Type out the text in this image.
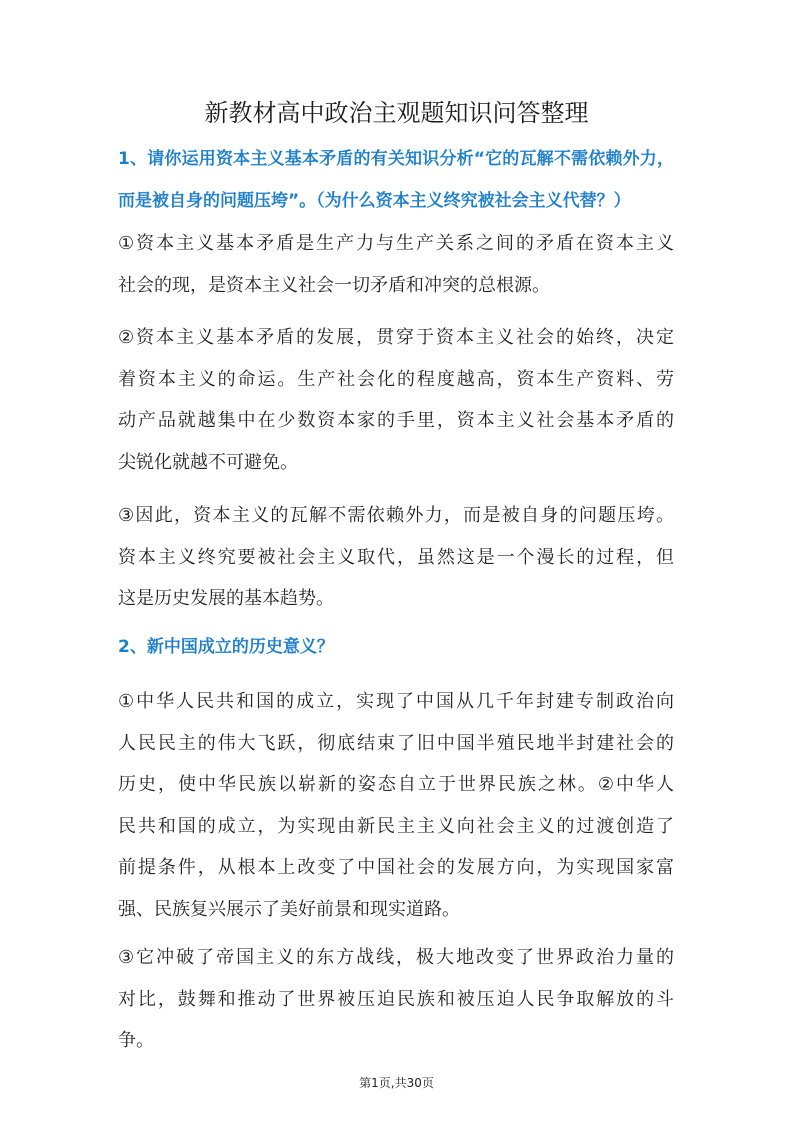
新教材高中政治主观题知识问答整理
1、请你运用资本主义基本矛盾的有关知识分析“它的瓦解不需依赖外力，
而是被自身的问题压垮”。（为什么资本主义终究被社会主义代替？）
①资本主义基本矛盾是生产力与生产关系之间的矛盾在资本主义
社会的现，是资本主义社会一切矛盾和冲突的总根源。
②资本主义基本矛盾的发展，贯穿于资本主义社会的始终，决定
着资本主义的命运。生产社会化的程度越高，资本生产资料、劳
动产品就越集中在少数资本家的手里，资本主义社会基本矛盾的
尖锐化就越不可避免。
③因此，资本主义的瓦解不需依赖外力，而是被自身的问题压垮。
资本主义终究要被社会主义取代，虽然这是一个漫长的过程，但
这是历史发展的基本趋势。
2、新中国成立的历史意义？
①中华人民共和国的成立，实现了中国从几千年封建专制政治向
人民民主的伟大飞跃，彻底结束了旧中国半殖民地半封建社会的
历史，使中华民族以崭新的姿态自立于世界民族之林。②中华人
民共和国的成立，为实现由新民主主义向社会主义的过渡创造了
前提条件，从根本上改变了中国社会的发展方向，为实现国家富
强、民族复兴展示了美好前景和现实道路。
③它冲破了帝国主义的东方战线，极大地改变了世界政治力量的
对比，鼓舞和推动了世界被压迫民族和被压迫人民争取解放的斗
争。
第1页,共30页
